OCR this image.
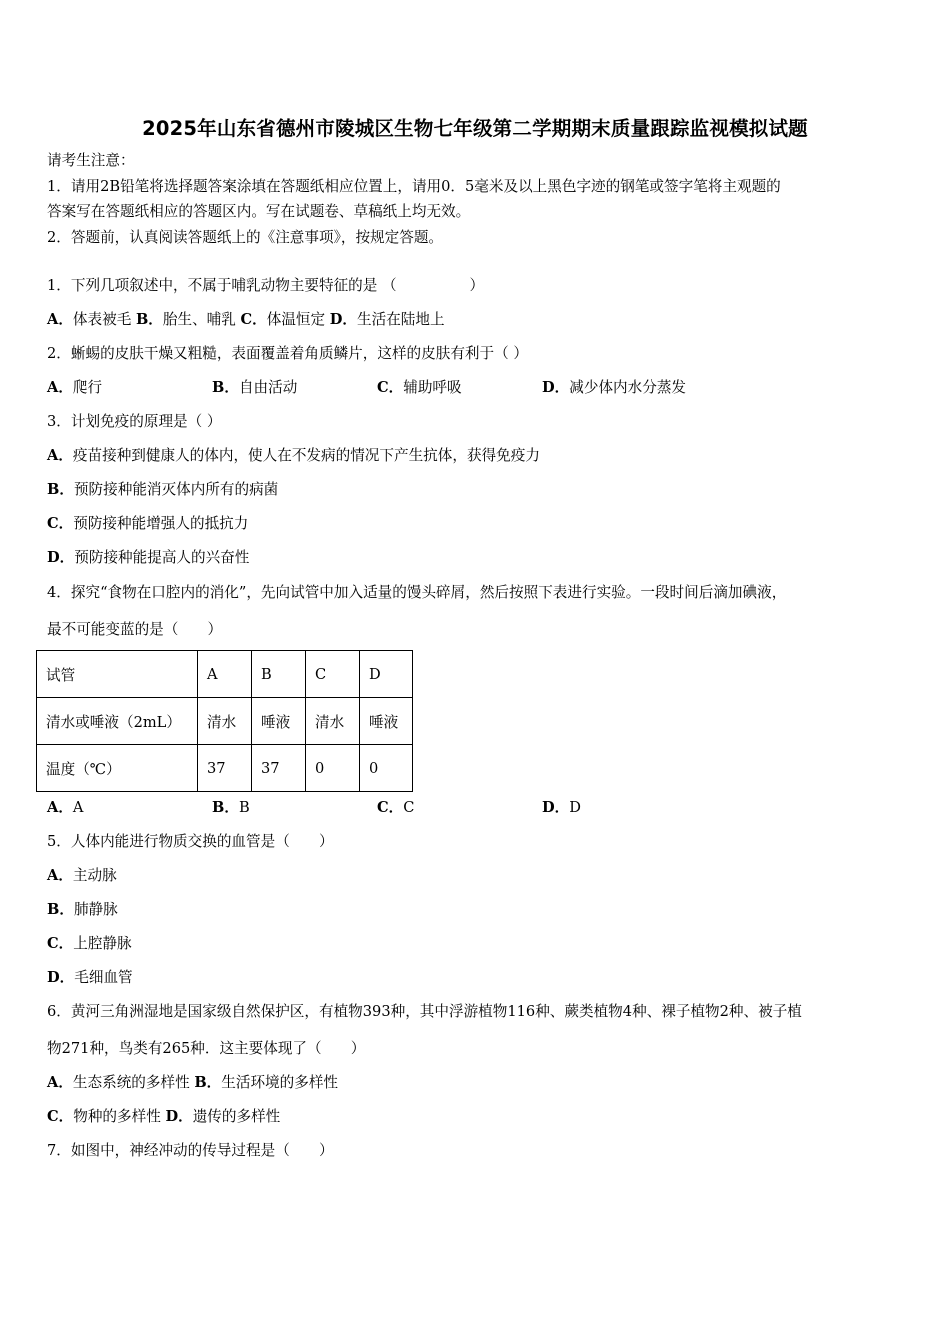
2025年山东省德州市陵城区生物七年级第二学期期末质量跟踪监视模拟试题
请考生注意：
1．请用2B铅笔将选择题答案涂填在答题纸相应位置上，请用0．5毫米及以上黑色字迹的钢笔或签字笔将主观题的
答案写在答题纸相应的答题区内。写在试题卷、草稿纸上均无效。
2．答题前，认真阅读答题纸上的《注意事项》，按规定答题。
1．下列几项叙述中，不属于哺乳动物主要特征的是 （　　　　　）
A．体表被毛 B．胎生、哺乳 C．体温恒定 D．生活在陆地上
2．蜥蜴的皮肤干燥又粗糙，表面覆盖着角质鳞片，这样的皮肤有利于（ ）
A．爬行	B．自由活动	C．辅助呼吸	D．减少体内水分蒸发
3．计划免疫的原理是（ ）
A．疫苗接种到健康人的体内，使人在不发病的情况下产生抗体，获得免疫力
B．预防接种能消灭体内所有的病菌
C．预防接种能增强人的抵抗力
D．预防接种能提高人的兴奋性
4．探究“食物在口腔内的消化”，先向试管中加入适量的馒头碎屑，然后按照下表进行实验。一段时间后滴加碘液，
最不可能变蓝的是（　　）
试管	A	B	C	D
清水或唾液（2mL）	清水	唾液	清水	唾液
温度（℃）	37	37	0	0
A．A	B．B	C．C	D．D
5．人体内能进行物质交换的血管是（　　）
A．主动脉
B．肺静脉
C．上腔静脉
D．毛细血管
6．黄河三角洲湿地是国家级自然保护区，有植物393种，其中浮游植物116种、蕨类植物4种、裸子植物2种、被子植
物271种，鸟类有265种．这主要体现了（　　）
A．生态系统的多样性 B．生活环境的多样性
C．物种的多样性 D．遗传的多样性
7．如图中，神经冲动的传导过程是（　　）
